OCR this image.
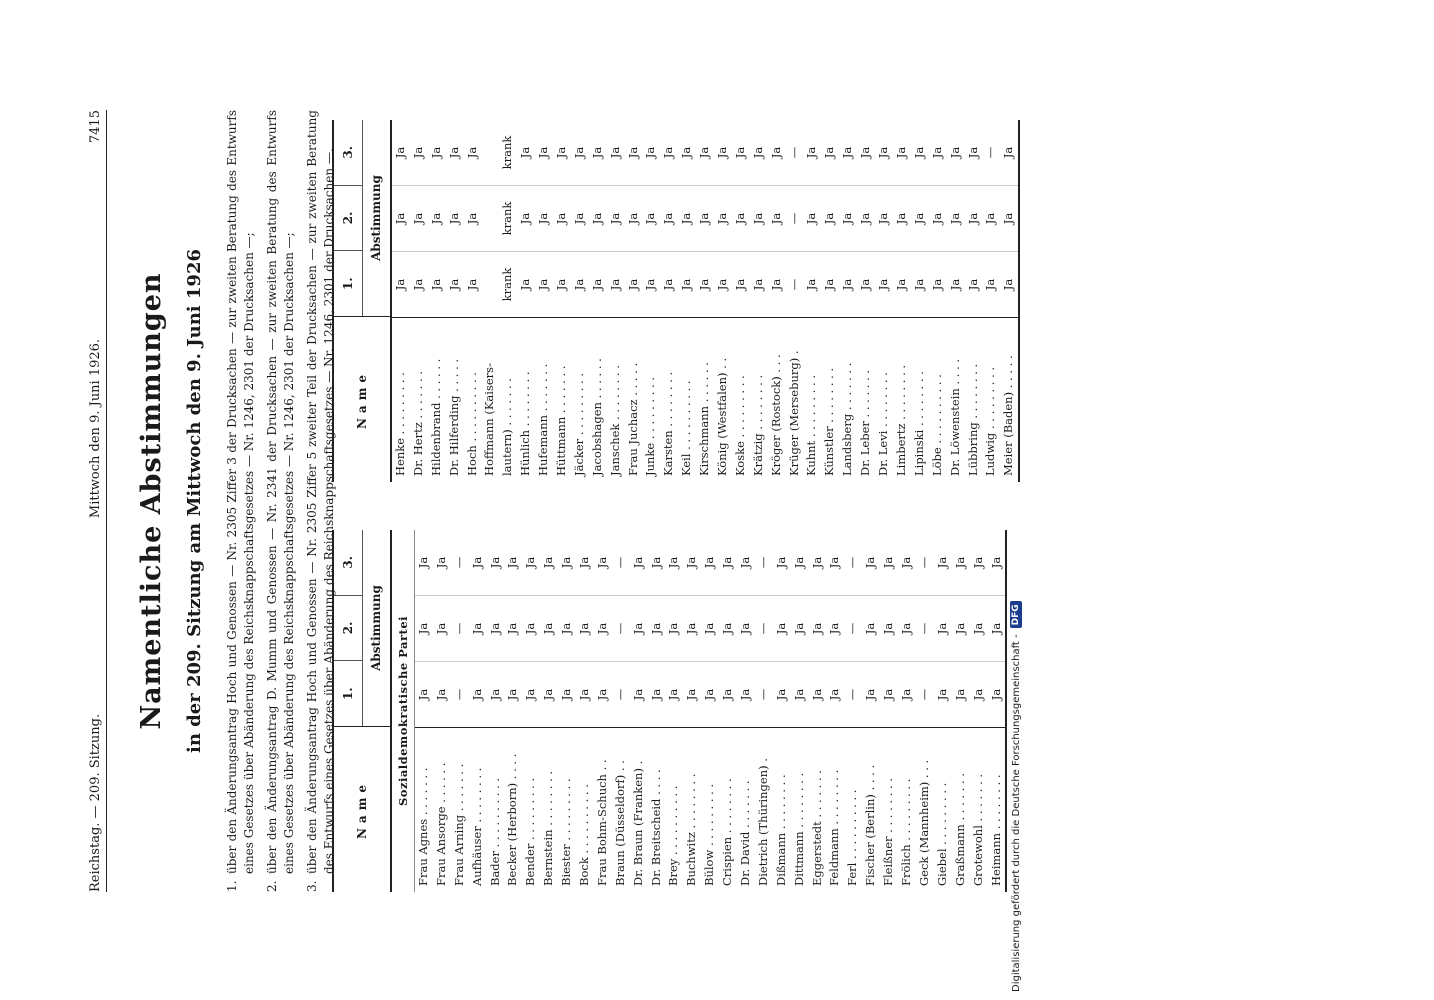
Reichstag. — 209. Sitzung.
Mittwoch den 9. Juni 1926.
7415
Namentliche Abstimmungen in der 209. Sitzung am Mittwoch den 9. Juni 1926
1.
über den Änderungsantrag Hoch und Genossen — Nr. 2305 Ziffer 3 der Drucksachen — zur zweiten Beratung des Entwurfs eines Gesetzes über Abänderung des Reichsknappschaftsgesetzes — Nr. 1246, 2301 der Drucksachen —;
2.
über den Änderungsantrag D. Mumm und Genossen — Nr. 2341 der Drucksachen — zur zweiten Beratung des Entwurfs eines Gesetzes über Abänderung des Reichsknappschaftsgesetzes — Nr. 1246, 2301 der Drucksachen —;
3.
über den Änderungsantrag Hoch und Genossen — Nr. 2305 Ziffer 5 zweiter Teil der Drucksachen — zur zweiten Beratung des Entwurfs eines Gesetzes über Abänderung des Reichsknappschaftsgesetzes — Nr. 1246, 2301 der Drucksachen —.	Name
1.
2.
3.
Abstimmung	Sozialdemokratische Partei
Frau Agnes . . . . . . .
Ja
Ja
Ja
Frau Ansorge . . . . . .
Ja
Ja
Ja
Frau Arning . . . . . . .
—
—
—
Aufhäuser . . . . . . . .
Ja
Ja
Ja
Bader . . . . . . . . . .
Ja
Ja
Ja
Becker (Herborn) . . . .
Ja
Ja
Ja
Bender . . . . . . . . .
Ja
Ja
Ja
Bernstein . . . . . . . .
Ja
Ja
Ja
Biester . . . . . . . . .
Ja
Ja
Ja
Bock . . . . . . . . . .
Ja
Ja
Ja
Frau Bohm-Schuch . .
Ja
Ja
Ja
Braun (Düsseldorf) . .
—
—
—
Dr. Braun (Franken) .
Ja
Ja
Ja
Dr. Breitscheid . . . .
Ja
Ja
Ja
Brey . . . . . . . . . .
Ja
Ja
Ja
Buchwitz . . . . . . . .
Ja
Ja
Ja
Bülow . . . . . . . . .
Ja
Ja
Ja
Crispien . . . . . . . .
Ja
Ja
Ja
Dr. David . . . . . . .
Ja
Ja
Ja
Dietrich (Thüringen) .
—
—
—
Dißmann . . . . . . . .
Ja
Ja
Ja
Dittmann . . . . . . . .
Ja
Ja
Ja
Eggerstedt . . . . . . .
Ja
Ja
Ja
Feldmann . . . . . . . .
Ja
Ja
Ja
Ferl . . . . . . . . . .
—
—
—
Fischer (Berlin) . . . .
Ja
Ja
Ja
Fleißner . . . . . . . .
Ja
Ja
Ja
Frölich . . . . . . . . .
Ja
Ja
Ja
Geck (Mannheim) . . .
—
—
—
Giebel . . . . . . . . .
Ja
Ja
Ja
Graßmann . . . . . . .
Ja
Ja
Ja
Grotewohl . . . . . . .
Ja
Ja
Ja
Heimann . . . . . . . .
Ja
Ja
Ja
Name
1.
2.
3.
Abstimmung
Henke . . . . . . . . .
Ja
Ja
Ja
Dr. Hertz . . . . . . .
Ja
Ja
Ja
Hildenbrand . . . . . .
Ja
Ja
Ja
Dr. Hilferding . . . . .
Ja
Ja
Ja
Hoch . . . . . . . . . .
Ja
Ja
Ja
Hoffmann (Kaisers- lautern) . . . . . . .
krank
krank
krank
Hünlich . . . . . . . .
Ja
Ja
Ja
Hufemann . . . . . . .
Ja
Ja
Ja
Hüttmann . . . . . . .
Ja
Ja
Ja
Jäcker . . . . . . . . .
Ja
Ja
Ja
Jacobshagen . . . . . .
Ja
Ja
Ja
Janschek . . . . . . . .
Ja
Ja
Ja
Frau Juchacz . . . . .
Ja
Ja
Ja
Junke . . . . . . . . .
Ja
Ja
Ja
Karsten . . . . . . . .
Ja
Ja
Ja
Keil . . . . . . . . . .
Ja
Ja
Ja
Kirschmann . . . . . .
Ja
Ja
Ja
König (Westfalen) . .
Ja
Ja
Ja
Koske . . . . . . . . .
Ja
Ja
Ja
Krätzig . . . . . . . .
Ja
Ja
Ja
Kröger (Rostock) . . .
Ja
Ja
Ja
Krüger (Merseburg) .
—
—
—
Kuhnt . . . . . . . . .
Ja
Ja
Ja
Künstler . . . . . . . .
Ja
Ja
Ja
Landsberg . . . . . . .
Ja
Ja
Ja
Dr. Leber . . . . . . .
Ja
Ja
Ja
Dr. Levi . . . . . . . .
Ja
Ja
Ja
Limbertz . . . . . . . .
Ja
Ja
Ja
Lipinski . . . . . . . .
Ja
Ja
Ja
Löbe . . . . . . . . . .
Ja
Ja
Ja
Dr. Löwenstein . . . .
Ja
Ja
Ja
Lübbring . . . . . . . .
Ja
Ja
Ja
Ludwig . . . . . . . . .
Ja
Ja
—
Meier (Baden) . . . . .
Ja
Ja
Ja
Digitalisierung gefördert durch die Deutsche Forschungsgemeinschaft -
DFG
